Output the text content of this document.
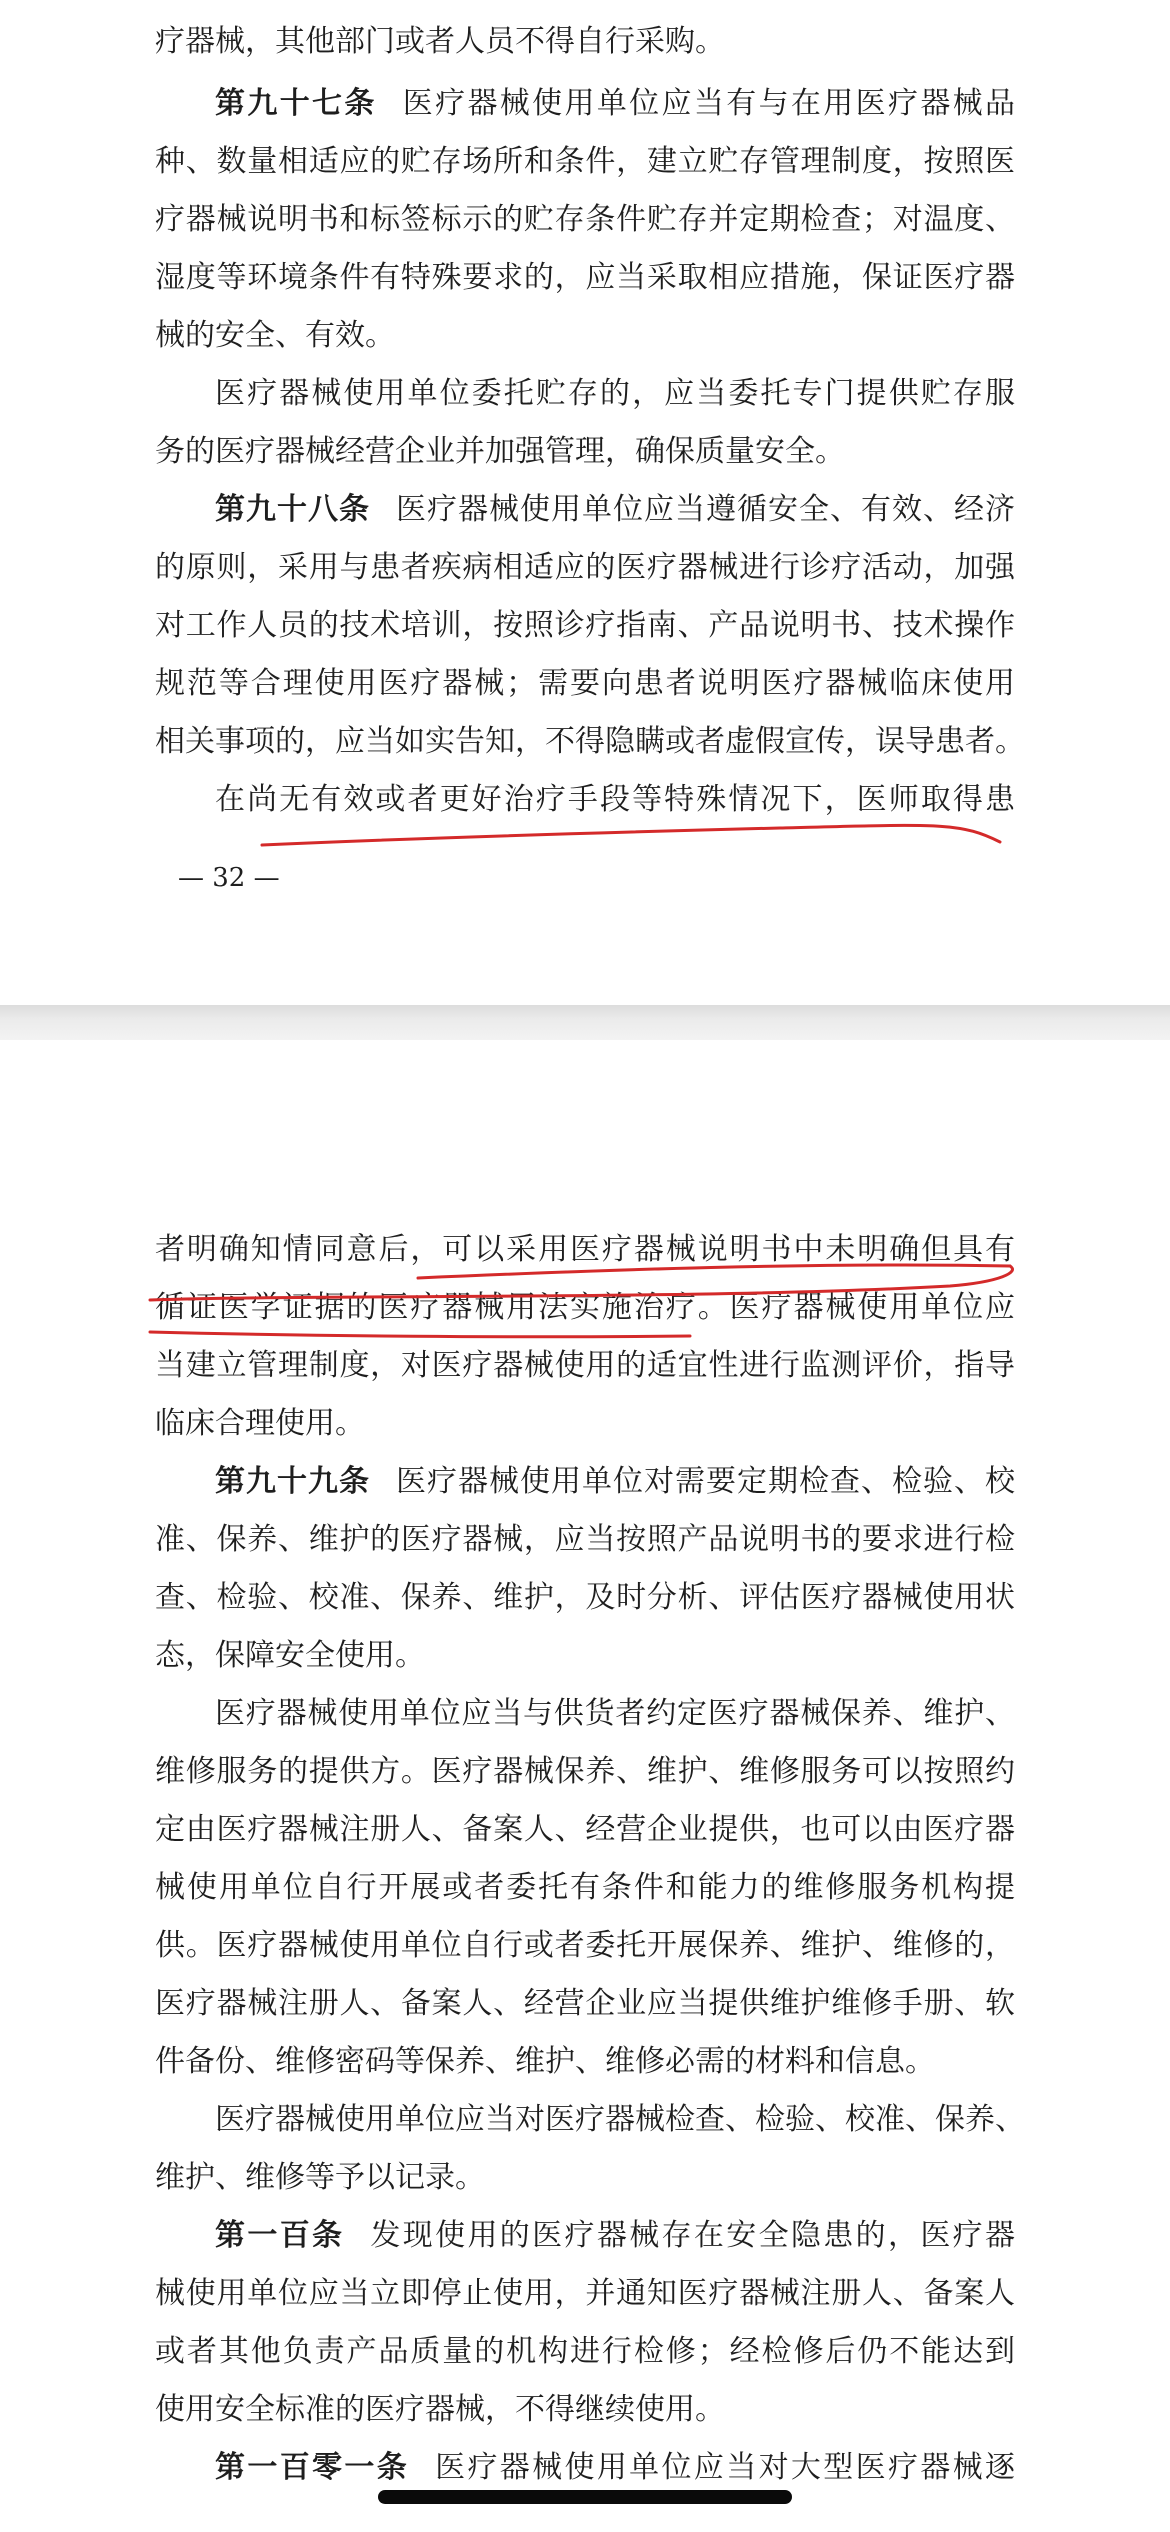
疗器械，其他部门或者人员不得自行采购。
第九十七条 医疗器械使用单位应当有与在用医疗器械品
种、数量相适应的贮存场所和条件，建立贮存管理制度，按照医
疗器械说明书和标签标示的贮存条件贮存并定期检查；对温度、
湿度等环境条件有特殊要求的，应当采取相应措施，保证医疗器
械的安全、有效。
医疗器械使用单位委托贮存的，应当委托专门提供贮存服
务的医疗器械经营企业并加强管理，确保质量安全。
第九十八条 医疗器械使用单位应当遵循安全、有效、经济
的原则，采用与患者疾病相适应的医疗器械进行诊疗活动，加强
对工作人员的技术培训，按照诊疗指南、产品说明书、技术操作
规范等合理使用医疗器械；需要向患者说明医疗器械临床使用
相关事项的，应当如实告知，不得隐瞒或者虚假宣传，误导患者。
在尚无有效或者更好治疗手段等特殊情况下，医师取得患
— 32 —
者明确知情同意后，可以采用医疗器械说明书中未明确但具有
循证医学证据的医疗器械用法实施治疗。医疗器械使用单位应
当建立管理制度，对医疗器械使用的适宜性进行监测评价，指导
临床合理使用。
第九十九条 医疗器械使用单位对需要定期检查、检验、校
准、保养、维护的医疗器械，应当按照产品说明书的要求进行检
查、检验、校准、保养、维护，及时分析、评估医疗器械使用状
态，保障安全使用。
医疗器械使用单位应当与供货者约定医疗器械保养、维护、
维修服务的提供方。医疗器械保养、维护、维修服务可以按照约
定由医疗器械注册人、备案人、经营企业提供，也可以由医疗器
械使用单位自行开展或者委托有条件和能力的维修服务机构提
供。医疗器械使用单位自行或者委托开展保养、维护、维修的，
医疗器械注册人、备案人、经营企业应当提供维护维修手册、软
件备份、维修密码等保养、维护、维修必需的材料和信息。
医疗器械使用单位应当对医疗器械检查、检验、校准、保养、
维护、维修等予以记录。
第一百条 发现使用的医疗器械存在安全隐患的，医疗器
械使用单位应当立即停止使用，并通知医疗器械注册人、备案人
或者其他负责产品质量的机构进行检修；经检修后仍不能达到
使用安全标准的医疗器械，不得继续使用。
第一百零一条 医疗器械使用单位应当对大型医疗器械逐
